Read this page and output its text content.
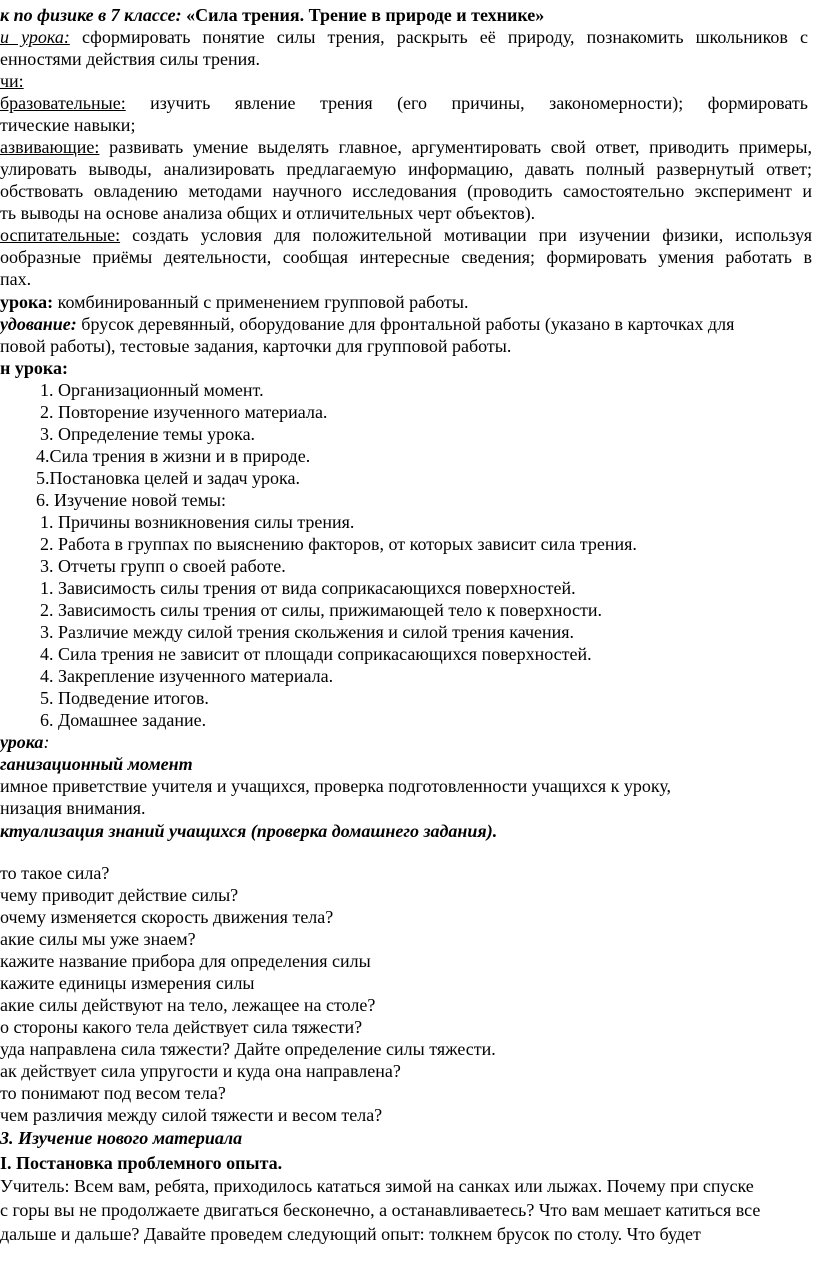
к по физике в 7 классе: «Сила трения. Трение в природе и технике»
и урока: сформировать понятие силы трения, раскрыть её природу, познакомить школьников с
енностями действия силы трения.
чи:
бразовательные: изучить явление трения (его причины, закономерности); формировать
тические навыки;
азвивающие: развивать умение выделять главное, аргументировать свой ответ, приводить примеры,
улировать выводы, анализировать предлагаемую информацию, давать полный развернутый ответ;
обствовать овладению методами научного исследования (проводить самостоятельно эксперимент и
ть выводы на основе анализа общих и отличительных черт объектов).
оспитательные: создать условия для положительной мотивации при изучении физики, используя
ообразные приёмы деятельности, сообщая интересные сведения; формировать умения работать в
пах.
урока: комбинированный с применением групповой работы.
удование: брусок деревянный, оборудование для фронтальной работы (указано в карточках для
повой работы), тестовые задания, карточки для групповой работы.
н урока:
1. Организационный момент.
2. Повторение изученного материала.
3. Определение темы урока.
4.Сила трения в жизни и в природе.
5.Постановка целей и задач урока.
6. Изучение новой темы:
1. Причины возникновения силы трения.
2. Работа в группах по выяснению факторов, от которых зависит сила трения.
3. Отчеты групп о своей работе.
1. Зависимость силы трения от вида соприкасающихся поверхностей.
2. Зависимость силы трения от силы, прижимающей тело к поверхности.
3. Различие между силой трения скольжения и силой трения качения.
4. Сила трения не зависит от площади соприкасающихся поверхностей.
4. Закрепление изученного материала.
5. Подведение итогов.
6. Домашнее задание.
урока:
ганизационный момент
имное приветствие учителя и учащихся, проверка подготовленности учащихся к уроку,
низация внимания.
ктуализация знаний учащихся (проверка домашнего задания).
то такое сила?
чему приводит действие силы?
очему изменяется скорость движения тела?
акие силы мы уже знаем?
кажите название прибора для определения силы
кажите единицы измерения силы
акие силы действуют на тело, лежащее на столе?
о стороны какого тела действует сила тяжести?
уда направлена сила тяжести? Дайте определение силы тяжести.
ак действует сила упругости и куда она направлена?
то понимают под весом тела?
чем различия между силой тяжести и весом тела?
3. Изучение нового материала
I. Постановка проблемного опыта.
Учитель: Всем вам, ребята, приходилось кататься зимой на санках или лыжах. Почему при спуске
с горы вы не продолжаете двигаться бесконечно, а останавливаетесь? Что вам мешает катиться все
дальше и дальше? Давайте проведем следующий опыт: толкнем брусок по столу. Что будет
